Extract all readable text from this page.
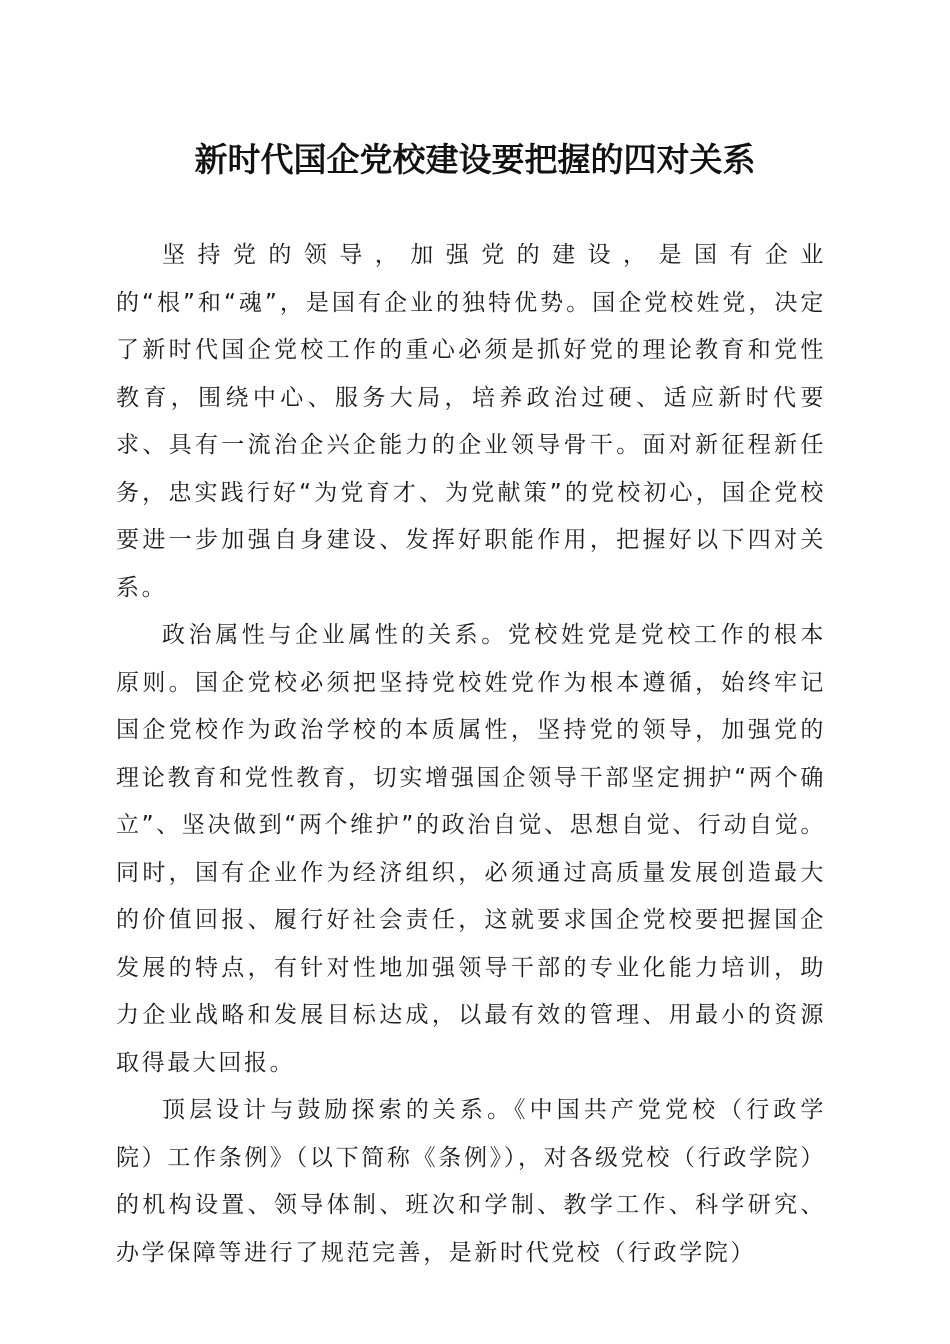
新时代国企党校建设要把握的四对关系

坚持党的领导，加强党的建设，是国有企业的“根”和“魂”，是国有企业的独特优势。国企党校姓党，决定了新时代国企党校工作的重心必须是抓好党的理论教育和党性教育，围绕中心、服务大局，培养政治过硬、适应新时代要求、具有一流治企兴企能力的企业领导骨干。面对新征程新任务，忠实践行好“为党育才、为党献策”的党校初心，国企党校要进一步加强自身建设、发挥好职能作用，把握好以下四对关系。

政治属性与企业属性的关系。党校姓党是党校工作的根本原则。国企党校必须把坚持党校姓党作为根本遵循，始终牢记国企党校作为政治学校的本质属性，坚持党的领导，加强党的理论教育和党性教育，切实增强国企领导干部坚定拥护“两个确立”、坚决做到“两个维护”的政治自觉、思想自觉、行动自觉。同时，国有企业作为经济组织，必须通过高质量发展创造最大的价值回报、履行好社会责任，这就要求国企党校要把握国企发展的特点，有针对性地加强领导干部的专业化能力培训，助力企业战略和发展目标达成，以最有效的管理、用最小的资源取得最大回报。

顶层设计与鼓励探索的关系。《中国共产党党校（行政学院）工作条例》（以下简称《条例》），对各级党校（行政学院）的机构设置、领导体制、班次和学制、教学工作、科学研究、办学保障等进行了规范完善，是新时代党校（行政学院）
